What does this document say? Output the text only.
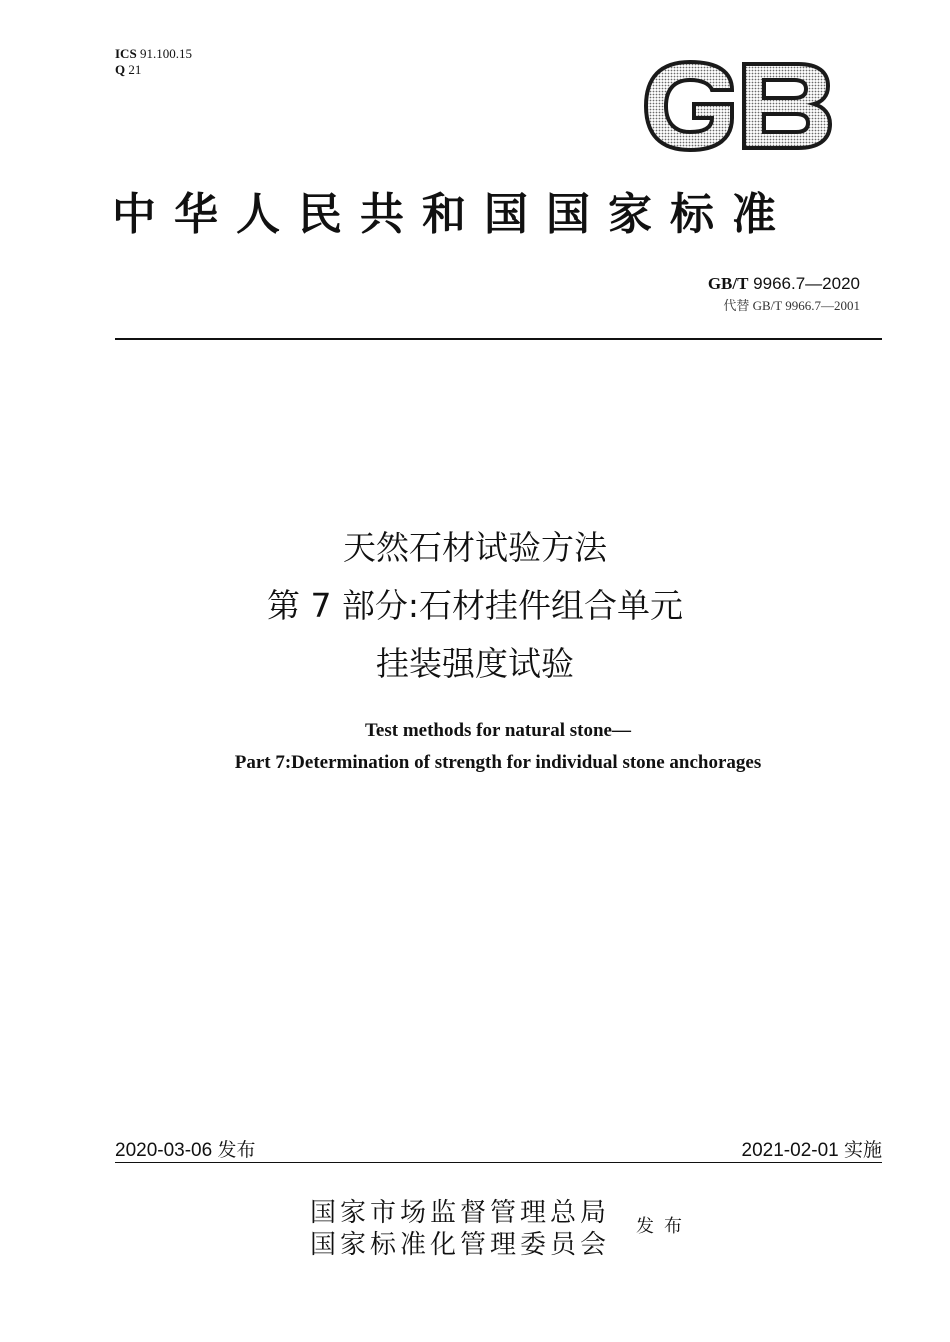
ICS 91.100.15
Q 21
中华人民共和国国家标准
GB/T 9966.7—2020
代替 GB/T 9966.7—2001
天然石材试验方法
第 7 部分:石材挂件组合单元
挂装强度试验
Test methods for natural stone—
Part 7:Determination of strength for individual stone anchorages
2020-03-06 发布	2021-02-01 实施
国家市场监督管理总局
国家标准化管理委员会
发布
